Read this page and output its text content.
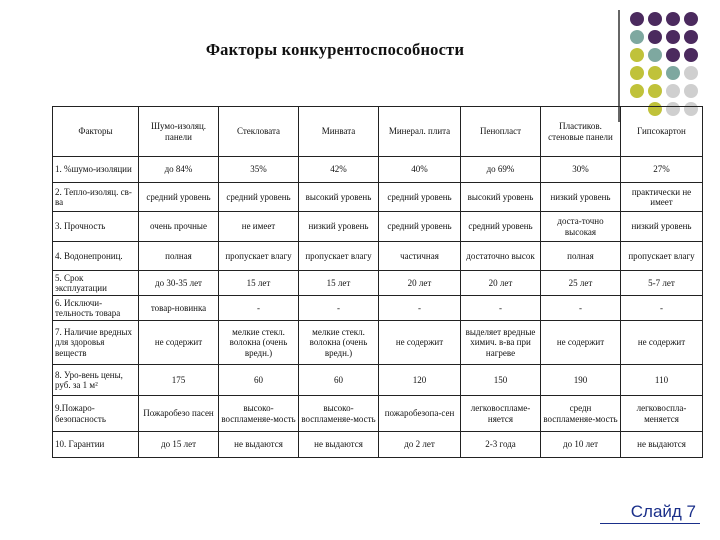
Факторы конкурентоспособности
Факторы	Шумо-изоляц. панели	Стекловата	Минвата	Минерал. плита	Пенопласт	Пластиков. стеновые панели	Гипсокартон
1. %шумо-изоляции	до 84%	35%	42%	40%	до 69%	30%	27%
2. Тепло-изоляц. св-ва	средний уровень	средний уровень	высокий уровень	средний уровень	высокий уровень	низкий уровень	практически не имеет
3. Прочность	очень прочные	не имеет	низкий уровень	средний уровень	средний уровень	доста-точно высокая	низкий уровень
4. Водонепрониц.	полная	пропускает влагу	пропускает влагу	частичная	достаточно высок	полная	пропускает влагу
5. Срок эксплуатации	до 30-35 лет	15 лет	15 лет	20 лет	20 лет	25 лет	5-7 лет
6. Исключи-тельность товара	товар-новинка	-	-	-	-	-	-
7. Наличие вредных для здоровья веществ	не содержит	мелкие стекл. волокна (очень вредн.)	мелкие стекл. волокна (очень вредн.)	не содержит	выделяет вредные химич. в-ва при нагреве	не содержит	не содержит
8. Уро-вень цены, руб. за 1 м²	175	60	60	120	150	190	110
9.Пожаро-безопасность	Пожаробезо пасен	высоко-воспламеняе-мость	высоко-воспламеняе-мость	пожаробезопа-сен	легковоспламе-няется	средн воспламеняе-мость	легковоспла-меняется
10. Гарантии	до 15 лет	не выдаются	не выдаются	до 2 лет	2-3 года	до 10 лет	не выдаются
Слайд 7
